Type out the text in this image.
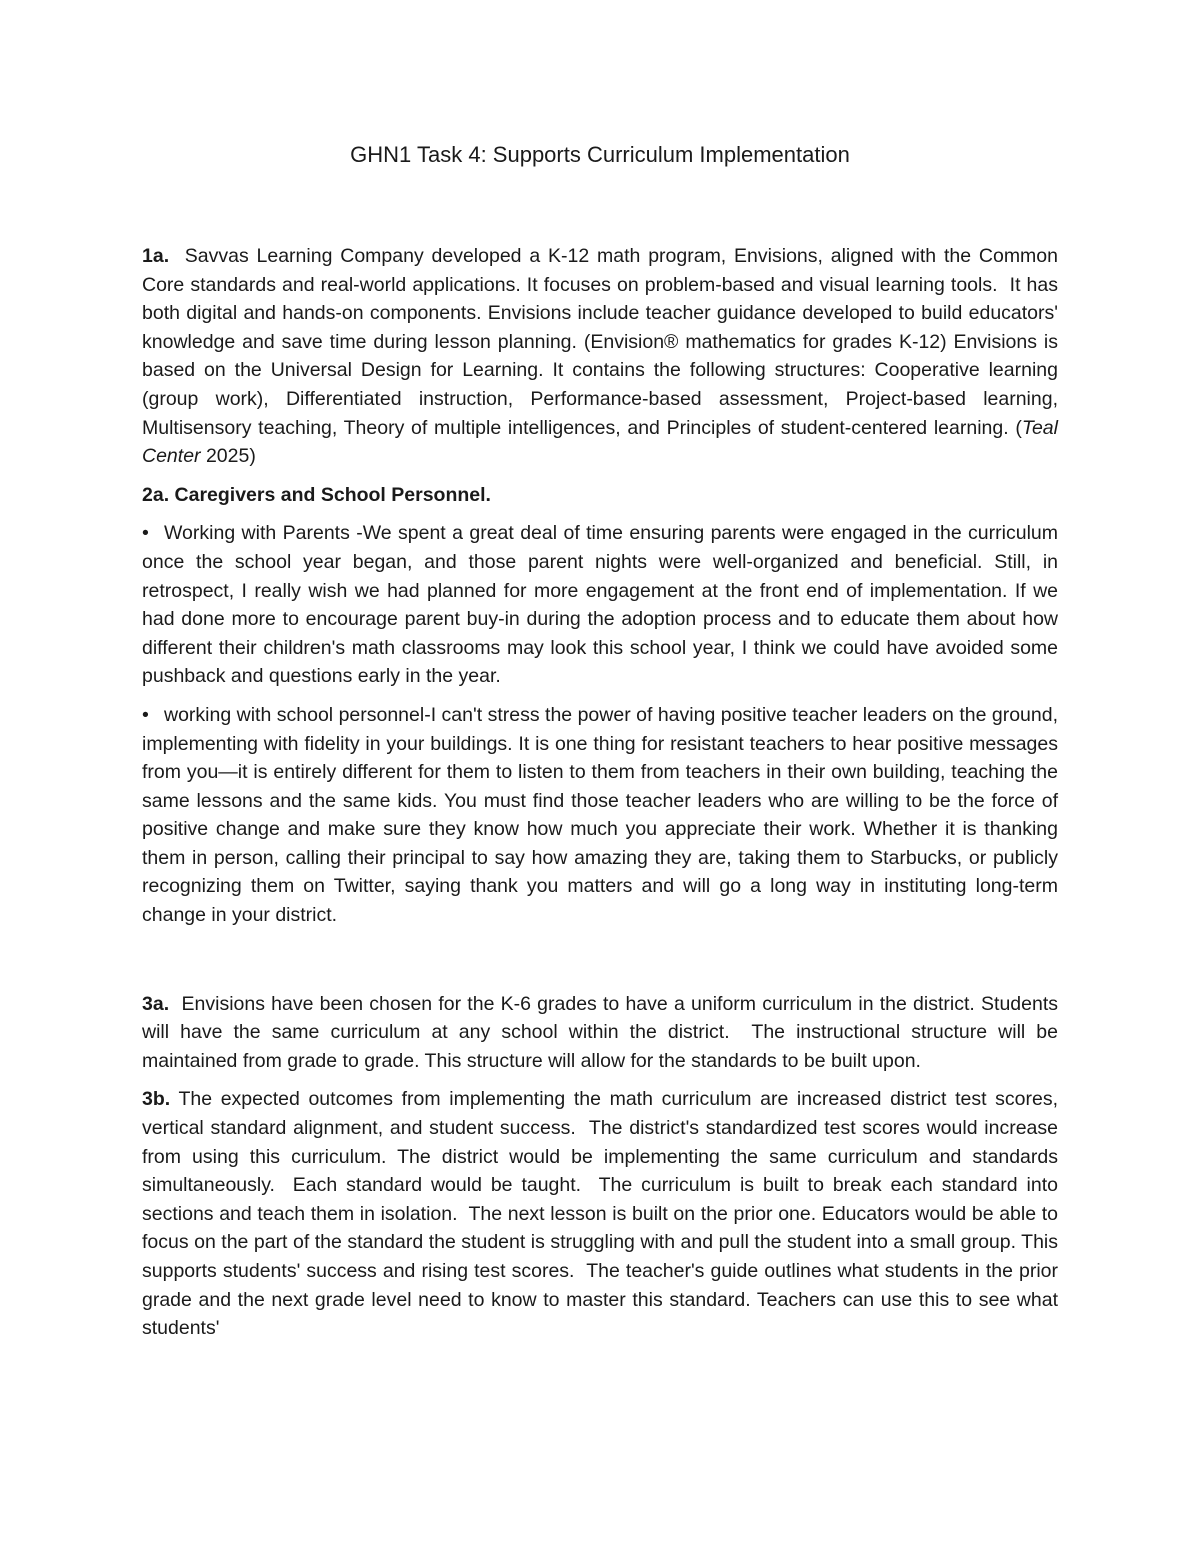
GHN1 Task 4: Supports Curriculum Implementation

1a.  Savvas Learning Company developed a K-12 math program, Envisions, aligned with the Common Core standards and real-world applications. It focuses on problem-based and visual learning tools.  It has both digital and hands-on components. Envisions include teacher guidance developed to build educators' knowledge and save time during lesson planning. (Envision® mathematics for grades K-12) Envisions is based on the Universal Design for Learning. It contains the following structures: Cooperative learning (group work), Differentiated instruction, Performance-based assessment, Project-based learning, Multisensory teaching, Theory of multiple intelligences, and Principles of student-centered learning. (Teal Center 2025)

2a. Caregivers and School Personnel.

• Working with Parents -We spent a great deal of time ensuring parents were engaged in the curriculum once the school year began, and those parent nights were well-organized and beneficial. Still, in retrospect, I really wish we had planned for more engagement at the front end of implementation. If we had done more to encourage parent buy-in during the adoption process and to educate them about how different their children's math classrooms may look this school year, I think we could have avoided some pushback and questions early in the year.

• working with school personnel-I can't stress the power of having positive teacher leaders on the ground, implementing with fidelity in your buildings. It is one thing for resistant teachers to hear positive messages from you—it is entirely different for them to listen to them from teachers in their own building, teaching the same lessons and the same kids. You must find those teacher leaders who are willing to be the force of positive change and make sure they know how much you appreciate their work. Whether it is thanking them in person, calling their principal to say how amazing they are, taking them to Starbucks, or publicly recognizing them on Twitter, saying thank you matters and will go a long way in instituting long-term change in your district.

3a.  Envisions have been chosen for the K-6 grades to have a uniform curriculum in the district. Students will have the same curriculum at any school within the district.  The instructional structure will be maintained from grade to grade. This structure will allow for the standards to be built upon.

3b. The expected outcomes from implementing the math curriculum are increased district test scores, vertical standard alignment, and student success.  The district's standardized test scores would increase from using this curriculum. The district would be implementing the same curriculum and standards simultaneously.  Each standard would be taught.  The curriculum is built to break each standard into sections and teach them in isolation.  The next lesson is built on the prior one. Educators would be able to focus on the part of the standard the student is struggling with and pull the student into a small group. This supports students' success and rising test scores.  The teacher's guide outlines what students in the prior grade and the next grade level need to know to master this standard. Teachers can use this to see what students'
